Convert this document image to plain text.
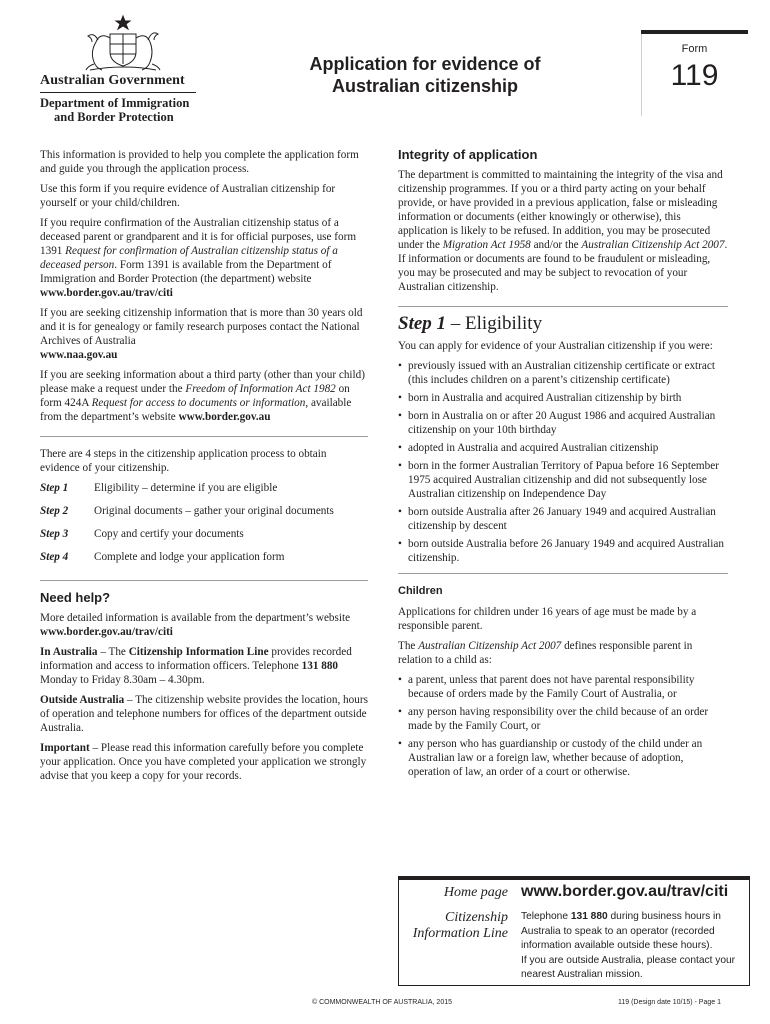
Australian Government
Department of Immigration
and Border Protection
Application for evidence of
Australian citizenship
Form
119

This information is provided to help you complete the application form and guide you through the application process.

Use this form if you require evidence of Australian citizenship for yourself or your child/children.

If you require confirmation of the Australian citizenship status of a deceased parent or grandparent and it is for official purposes, use form 1391 Request for confirmation of Australian citizenship status of a deceased person. Form 1391 is available from the Department of Immigration and Border Protection (the department) website
www.border.gov.au/trav/citi

If you are seeking citizenship information that is more than 30 years old and it is for genealogy or family research purposes contact the National Archives of Australia
www.naa.gov.au

If you are seeking information about a third party (other than your child) please make a request under the Freedom of Information Act 1982 on form 424A Request for access to documents or information, available from the department’s website www.border.gov.au

There are 4 steps in the citizenship application process to obtain evidence of your citizenship.

Step 1	Eligibility – determine if you are eligible
Step 2	Original documents – gather your original documents
Step 3	Copy and certify your documents
Step 4	Complete and lodge your application form
Need help?

More detailed information is available from the department’s website www.border.gov.au/trav/citi

In Australia – The Citizenship Information Line provides recorded information and access to information officers. Telephone 131 880 Monday to Friday 8.30am – 4.30pm.

Outside Australia – The citizenship website provides the location, hours of operation and telephone numbers for offices of the department outside Australia.

Important – Please read this information carefully before you complete your application. Once you have completed your application we strongly advise that you keep a copy for your records.

Integrity of application

The department is committed to maintaining the integrity of the visa and citizenship programmes. If you or a third party acting on your behalf provide, or have provided in a previous application, false or misleading information or documents (either knowingly or otherwise), this application is likely to be refused. In addition, you may be prosecuted under the Migration Act 1958 and/or the Australian Citizenship Act 2007. If information or documents are found to be fraudulent or misleading, you may be prosecuted and may be subject to revocation of your Australian citizenship.

Step 1 – Eligibility

You can apply for evidence of your Australian citizenship if you were:

• previously issued with an Australian citizenship certificate or extract (this includes children on a parent’s citizenship certificate)
• born in Australia and acquired Australian citizenship by birth
• born in Australia on or after 20 August 1986 and acquired Australian citizenship on your 10th birthday
• adopted in Australia and acquired Australian citizenship
• born in the former Australian Territory of Papua before 16 September 1975 acquired Australian citizenship and did not subsequently lose Australian citizenship on Independence Day
• born outside Australia after 26 January 1949 and acquired Australian citizenship by descent
• born outside Australia before 26 January 1949 and acquired Australian citizenship.
Children

Applications for children under 16 years of age must be made by a responsible parent.

The Australian Citizenship Act 2007 defines responsible parent in relation to a child as:

• a parent, unless that parent does not have parental responsibility because of orders made by the Family Court of Australia, or
• any person having responsibility over the child because of an order made by the Family Court, or
• any person who has guardianship or custody of the child under an Australian law or a foreign law, whether because of adoption, operation of law, an order of a court or otherwise.
Home page www.border.gov.au/trav/citi
Citizenship
Information Line
Telephone 131 880 during business hours in Australia to speak to an operator (recorded information available outside these hours).
If you are outside Australia, please contact your nearest Australian mission.
© COMMONWEALTH OF AUSTRALIA, 2015	119 (Design date 10/15) - Page 1
